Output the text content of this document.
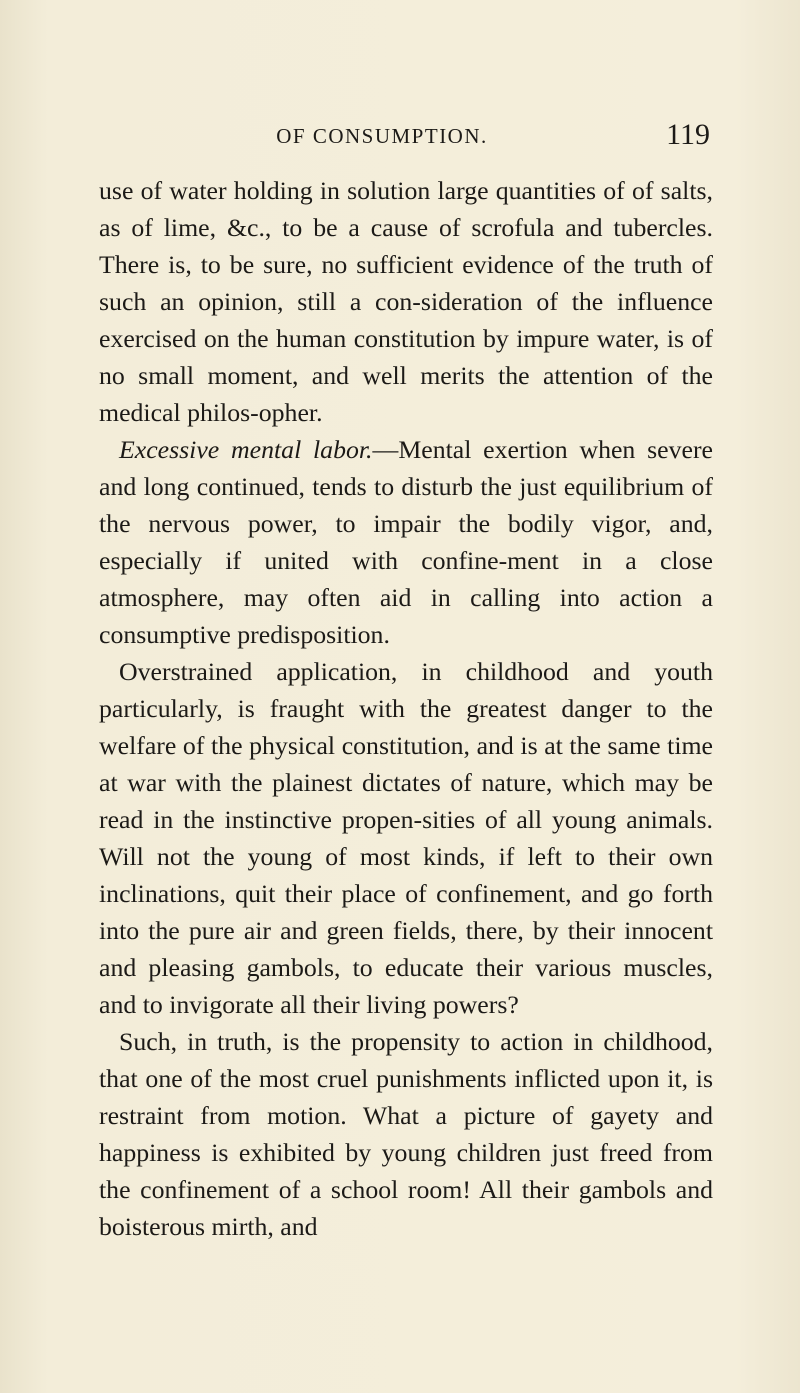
OF CONSUMPTION.	119

use of water holding in solution large quantities of of salts, as of lime, &c., to be a cause of scrofula and tubercles. There is, to be sure, no sufficient evidence of the truth of such an opinion, still a con-sideration of the influence exercised on the human constitution by impure water, is of no small moment, and well merits the attention of the medical philos-opher.

Excessive mental labor.—Mental exertion when severe and long continued, tends to disturb the just equilibrium of the nervous power, to impair the bodily vigor, and, especially if united with confine-ment in a close atmosphere, may often aid in calling into action a consumptive predisposition.

Overstrained application, in childhood and youth particularly, is fraught with the greatest danger to the welfare of the physical constitution, and is at the same time at war with the plainest dictates of nature, which may be read in the instinctive propen-sities of all young animals. Will not the young of most kinds, if left to their own inclinations, quit their place of confinement, and go forth into the pure air and green fields, there, by their innocent and pleasing gambols, to educate their various muscles, and to invigorate all their living powers?

Such, in truth, is the propensity to action in childhood, that one of the most cruel punishments inflicted upon it, is restraint from motion. What a picture of gayety and happiness is exhibited by young children just freed from the confinement of a school room! All their gambols and boisterous mirth, and
